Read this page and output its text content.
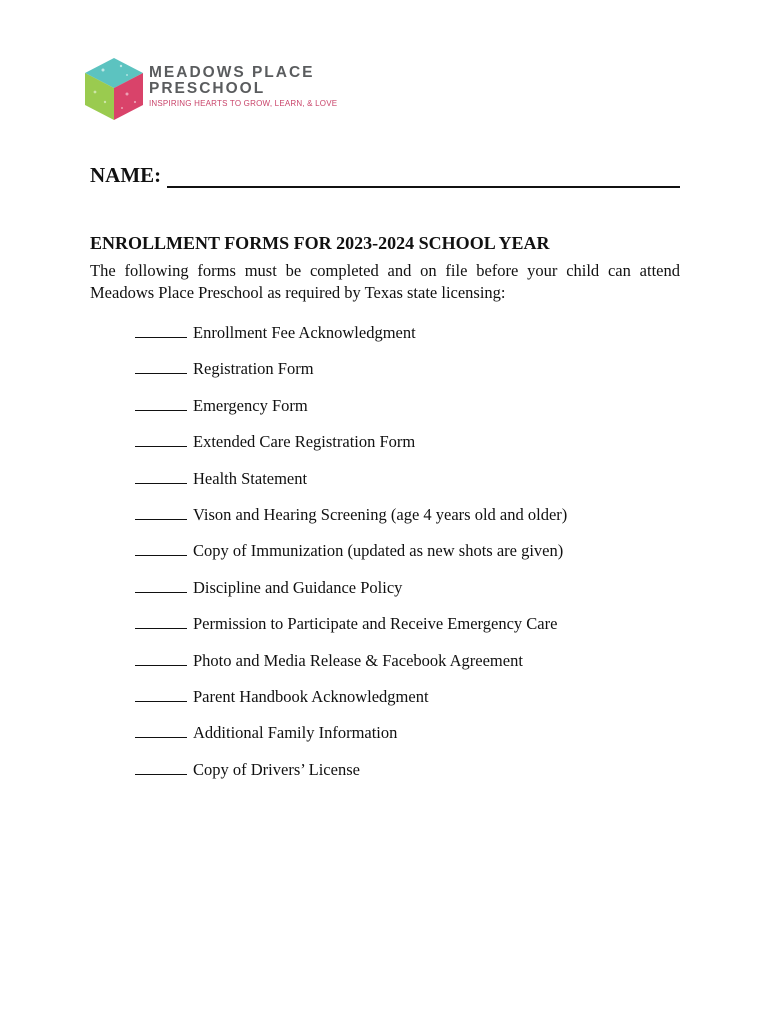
MEADOWS PLACE
PRESCHOOL
INSPIRING HEARTS TO GROW, LEARN, & LOVE
NAME:
ENROLLMENT FORMS FOR 2023-2024 SCHOOL YEAR
The following forms must be completed and on file before your child can attend Meadows Place Preschool as required by Texas state licensing:
Enrollment Fee Acknowledgment
Registration Form
Emergency Form
Extended Care Registration Form
Health Statement
Vison and Hearing Screening (age 4 years old and older)
Copy of Immunization (updated as new shots are given)
Discipline and Guidance Policy
Permission to Participate and Receive Emergency Care
Photo and Media Release & Facebook Agreement
Parent Handbook Acknowledgment
Additional Family Information
Copy of Drivers’ License
